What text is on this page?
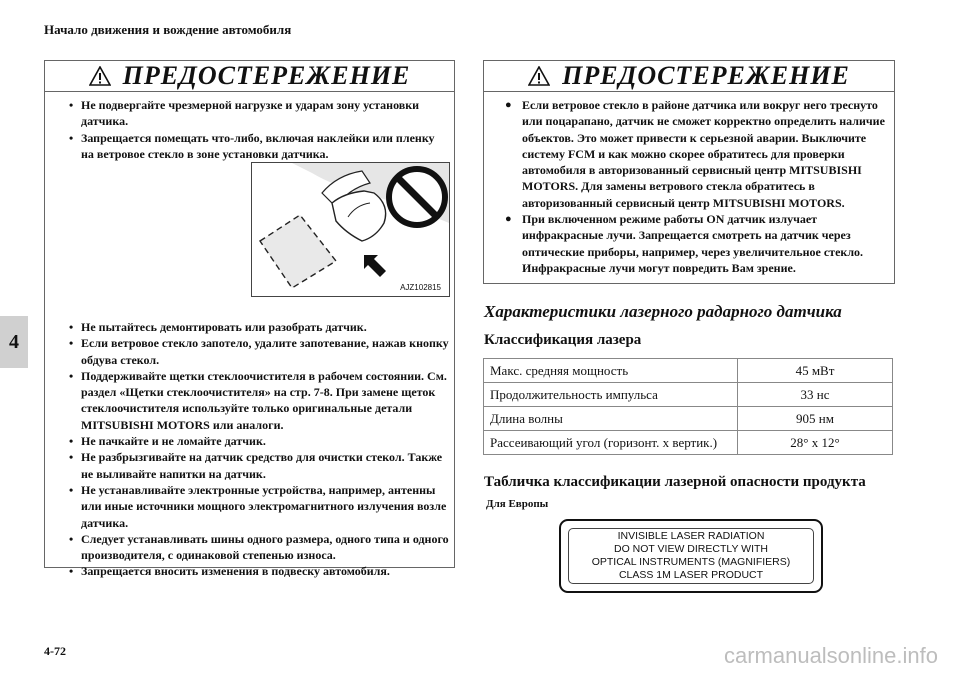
Начало движения и вождение автомобиля
4
4-72
ПРЕДОСТЕРЕЖЕНИЕ
• Не подвергайте чрезмерной нагрузке и ударам зону установки датчика.
• Запрещается помещать что-либо, включая наклейки или пленку на ветровое стекло в зоне установки датчика.
• Не пытайтесь демонтировать или разобрать датчик.
• Если ветровое стекло запотело, удалите запотевание, нажав кнопку обдува стекол.
• Поддерживайте щетки стеклоочистителя в рабочем состоянии. См. раздел «Щетки стеклоочистителя» на стр. 7-8. При замене щеток стеклоочистителя используйте только оригинальные детали MITSUBISHI MOTORS или аналоги.
• Не пачкайте и не ломайте датчик.
• Не разбрызгивайте на датчик средство для очистки стекол. Также не выливайте напитки на датчик.
• Не устанавливайте электронные устройства, например, антенны или иные источники мощного электромагнитного излучения возле датчика.
• Следует устанавливать шины одного размера, одного типа и одного производителя, с одинаковой степенью износа.
• Запрещается вносить изменения в подвеску автомобиля.
AJZ102815
ПРЕДОСТЕРЕЖЕНИЕ
● Если ветровое стекло в районе датчика или вокруг него треснуто или поцарапано, датчик не сможет корректно определить наличие объектов. Это может привести к серьезной аварии. Выключите систему FCM и как можно скорее обратитесь для проверки автомобиля в авторизованный сервисный центр MITSUBISHI MOTORS. Для замены ветрового стекла обратитесь в авторизованный сервисный центр MITSUBISHI MOTORS.
● При включенном режиме работы ON датчик излучает инфракрасные лучи. Запрещается смотреть на датчик через оптические приборы, например, через увеличительное стекло. Инфракрасные лучи могут повредить Вам зрение.
Характеристики лазерного радарного датчика
Классификация лазера
Макс. средняя мощность	45 мВт
Продолжительность импульса	33 нс
Длина волны	905 нм
Рассеивающий угол (горизонт. х вертик.)	28° х 12°
Табличка классификации лазерной опасности продукта
Для Европы
INVISIBLE LASER RADIATION
DO NOT VIEW DIRECTLY WITH
OPTICAL INSTRUMENTS (MAGNIFIERS)
CLASS 1M LASER PRODUCT
carmanualsonline.info
